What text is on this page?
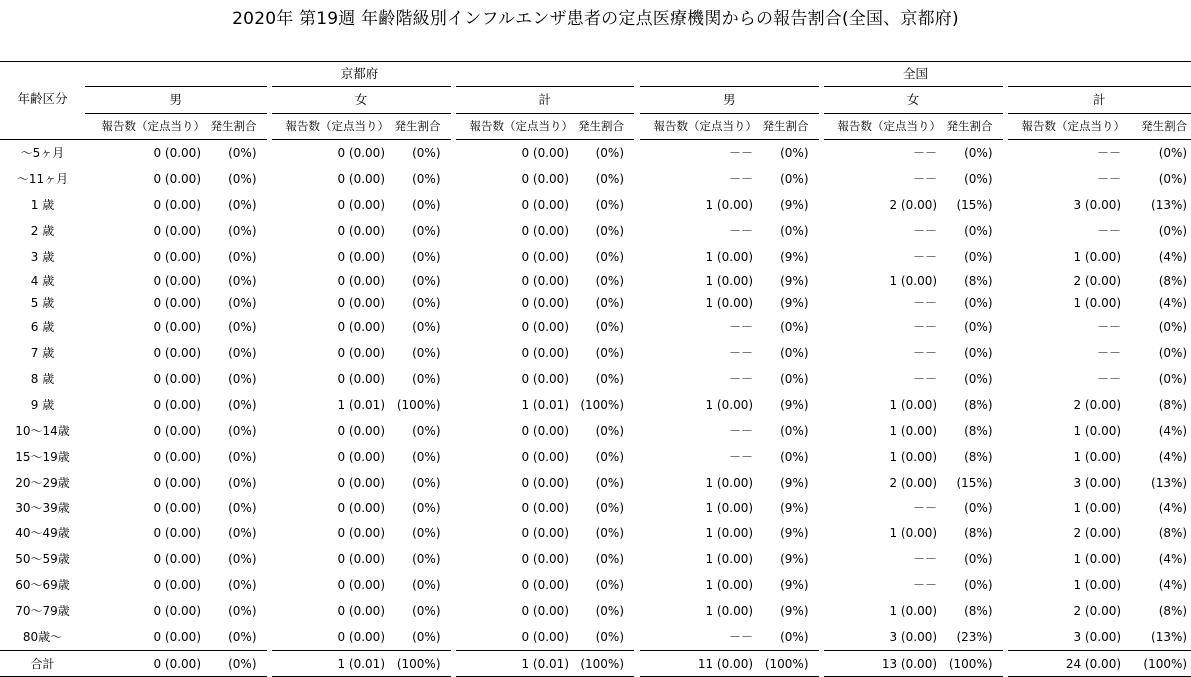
2020年 第19週 年齢階級別インフルエンザ患者の定点医療機関からの報告割合(全国、京都府)
年齢区分	京都府						全国					
	男		女		計		男		女		計	
	報告数（定点当り）	発生割合	報告数（定点当り）	発生割合	報告数（定点当り）	発生割合	報告数（定点当り）	発生割合	報告数（定点当り）	発生割合	報告数（定点当り）	発生割合
～5ヶ月	0 (0.00)	(0%)	0 (0.00)	(0%)	0 (0.00)	(0%)	－－	(0%)	－－	(0%)	－－	(0%)
～11ヶ月	0 (0.00)	(0%)	0 (0.00)	(0%)	0 (0.00)	(0%)	－－	(0%)	－－	(0%)	－－	(0%)
1 歳	0 (0.00)	(0%)	0 (0.00)	(0%)	0 (0.00)	(0%)	1 (0.00)	(9%)	2 (0.00)	(15%)	3 (0.00)	(13%)
2 歳	0 (0.00)	(0%)	0 (0.00)	(0%)	0 (0.00)	(0%)	－－	(0%)	－－	(0%)	－－	(0%)
3 歳	0 (0.00)	(0%)	0 (0.00)	(0%)	0 (0.00)	(0%)	1 (0.00)	(9%)	－－	(0%)	1 (0.00)	(4%)
4 歳	0 (0.00)	(0%)	0 (0.00)	(0%)	0 (0.00)	(0%)	1 (0.00)	(9%)	1 (0.00)	(8%)	2 (0.00)	(8%)
5 歳	0 (0.00)	(0%)	0 (0.00)	(0%)	0 (0.00)	(0%)	1 (0.00)	(9%)	－－	(0%)	1 (0.00)	(4%)
6 歳	0 (0.00)	(0%)	0 (0.00)	(0%)	0 (0.00)	(0%)	－－	(0%)	－－	(0%)	－－	(0%)
7 歳	0 (0.00)	(0%)	0 (0.00)	(0%)	0 (0.00)	(0%)	－－	(0%)	－－	(0%)	－－	(0%)
8 歳	0 (0.00)	(0%)	0 (0.00)	(0%)	0 (0.00)	(0%)	－－	(0%)	－－	(0%)	－－	(0%)
9 歳	0 (0.00)	(0%)	1 (0.01)	(100%)	1 (0.01)	(100%)	1 (0.00)	(9%)	1 (0.00)	(8%)	2 (0.00)	(8%)
10～14歳	0 (0.00)	(0%)	0 (0.00)	(0%)	0 (0.00)	(0%)	－－	(0%)	1 (0.00)	(8%)	1 (0.00)	(4%)
15～19歳	0 (0.00)	(0%)	0 (0.00)	(0%)	0 (0.00)	(0%)	－－	(0%)	1 (0.00)	(8%)	1 (0.00)	(4%)
20～29歳	0 (0.00)	(0%)	0 (0.00)	(0%)	0 (0.00)	(0%)	1 (0.00)	(9%)	2 (0.00)	(15%)	3 (0.00)	(13%)
30～39歳	0 (0.00)	(0%)	0 (0.00)	(0%)	0 (0.00)	(0%)	1 (0.00)	(9%)	－－	(0%)	1 (0.00)	(4%)
40～49歳	0 (0.00)	(0%)	0 (0.00)	(0%)	0 (0.00)	(0%)	1 (0.00)	(9%)	1 (0.00)	(8%)	2 (0.00)	(8%)
50～59歳	0 (0.00)	(0%)	0 (0.00)	(0%)	0 (0.00)	(0%)	1 (0.00)	(9%)	－－	(0%)	1 (0.00)	(4%)
60～69歳	0 (0.00)	(0%)	0 (0.00)	(0%)	0 (0.00)	(0%)	1 (0.00)	(9%)	－－	(0%)	1 (0.00)	(4%)
70～79歳	0 (0.00)	(0%)	0 (0.00)	(0%)	0 (0.00)	(0%)	1 (0.00)	(9%)	1 (0.00)	(8%)	2 (0.00)	(8%)
80歳～	0 (0.00)	(0%)	0 (0.00)	(0%)	0 (0.00)	(0%)	－－	(0%)	3 (0.00)	(23%)	3 (0.00)	(13%)
合計	0 (0.00)	(0%)	1 (0.01)	(100%)	1 (0.01)	(100%)	11 (0.00)	(100%)	13 (0.00)	(100%)	24 (0.00)	(100%)
